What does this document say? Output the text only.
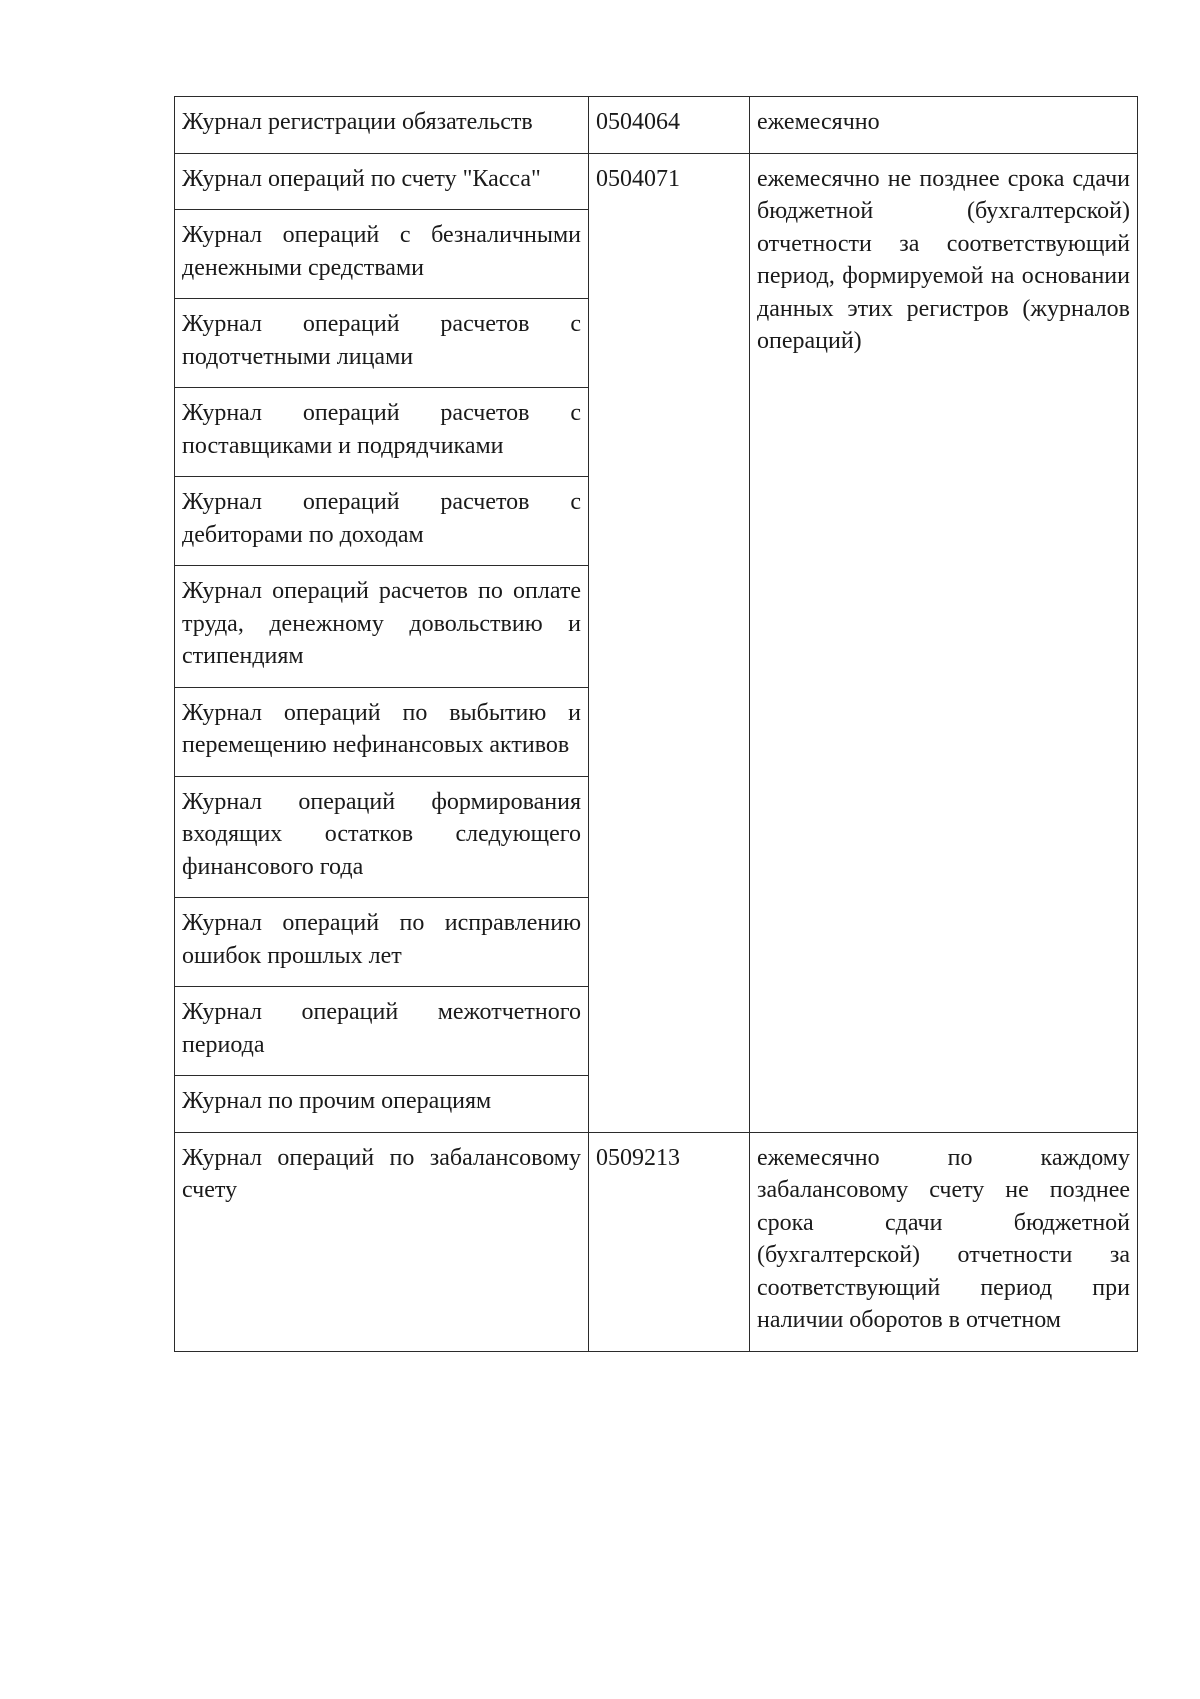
Журнал регистрации обязательств	0504064	ежемесячно
Журнал операций по счету "Касса"	0504071	ежемесячно не позднее срока сдачи бюджетной (бухгалтерской) отчетности за соответствующий период, формируемой на основании данных этих регистров (журналов операций)
Журнал операций с безналичными денежными средствами		
Журнал операций расчетов с подотчетными лицами		
Журнал операций расчетов с поставщиками и подрядчиками		
Журнал операций расчетов с дебиторами по доходам		
Журнал операций расчетов по оплате труда, денежному довольствию и стипендиям		
Журнал операций по выбытию и перемещению нефинансовых активов		
Журнал операций формирования входящих остатков следующего финансового года		
Журнал операций по исправлению ошибок прошлых лет		
Журнал операций межотчетного периода		
Журнал по прочим операциям		
Журнал операций по забалансовому счету	0509213	ежемесячно по каждому забалансовому счету не позднее срока сдачи бюджетной (бухгалтерской) отчетности за соответствующий период при наличии оборотов в отчетном
